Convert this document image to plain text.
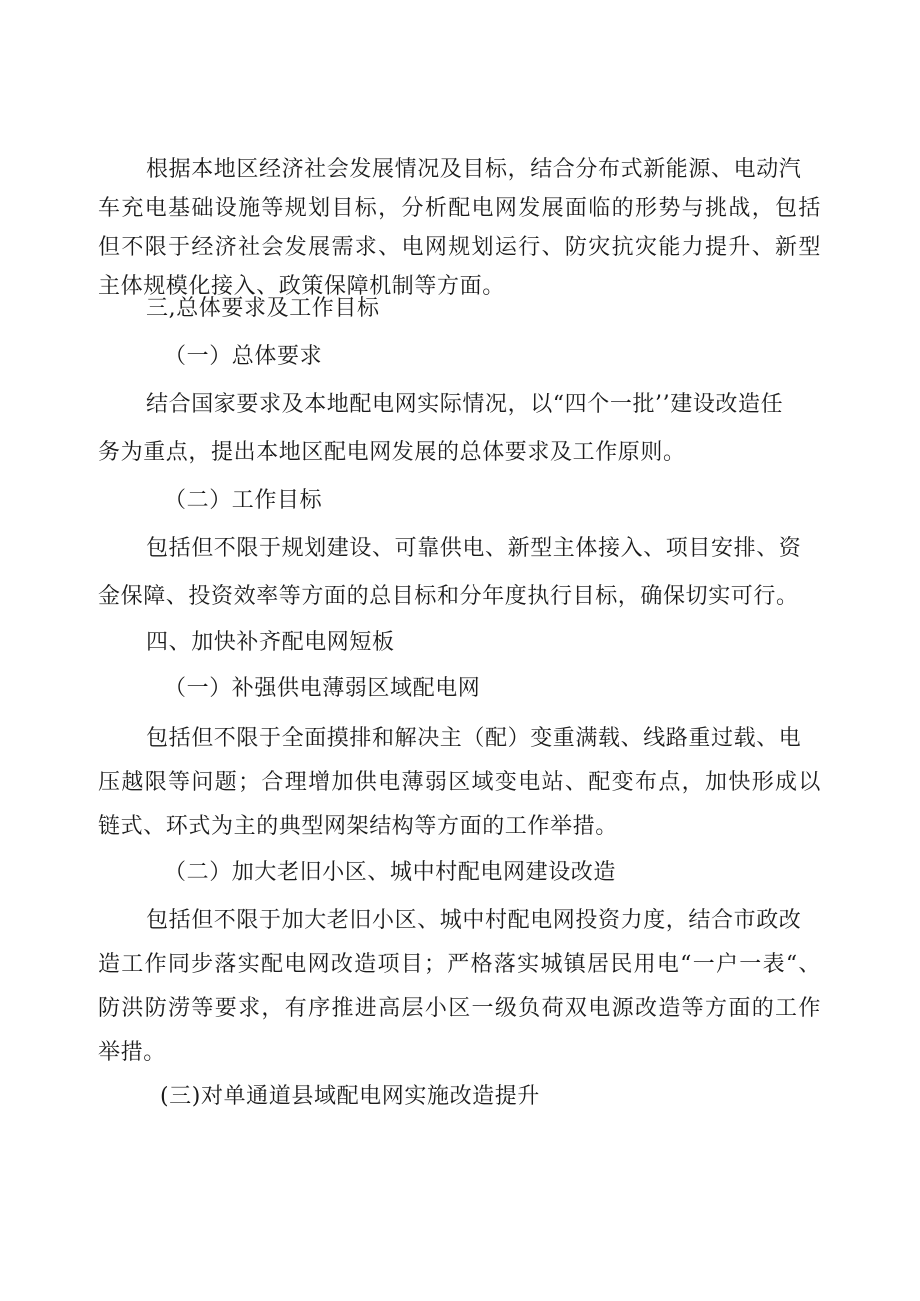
根据本地区经济社会发展情况及目标，结合分布式新能源、电动汽
车充电基础设施等规划目标，分析配电网发展面临的形势与挑战，包括
但不限于经济社会发展需求、电网规划运行、防灾抗灾能力提升、新型
主体规模化接入、政策保障机制等方面。
三,总体要求及工作目标
（一）总体要求
结合国家要求及本地配电网实际情况，以“四个一批’’建设改造任
务为重点，提出本地区配电网发展的总体要求及工作原则。
（二）工作目标
包括但不限于规划建设、可靠供电、新型主体接入、项目安排、资
金保障、投资效率等方面的总目标和分年度执行目标，确保切实可行。
四、加快补齐配电网短板
（一）补强供电薄弱区域配电网
包括但不限于全面摸排和解决主（配）变重满载、线路重过载、电
压越限等问题；合理增加供电薄弱区域变电站、配变布点，加快形成以
链式、环式为主的典型网架结构等方面的工作举措。
（二）加大老旧小区、城中村配电网建设改造
包括但不限于加大老旧小区、城中村配电网投资力度，结合市政改
造工作同步落实配电网改造项目；严格落实城镇居民用电“一户一表“、
防洪防涝等要求，有序推进高层小区一级负荷双电源改造等方面的工作
举措。
(三)对单通道县域配电网实施改造提升
